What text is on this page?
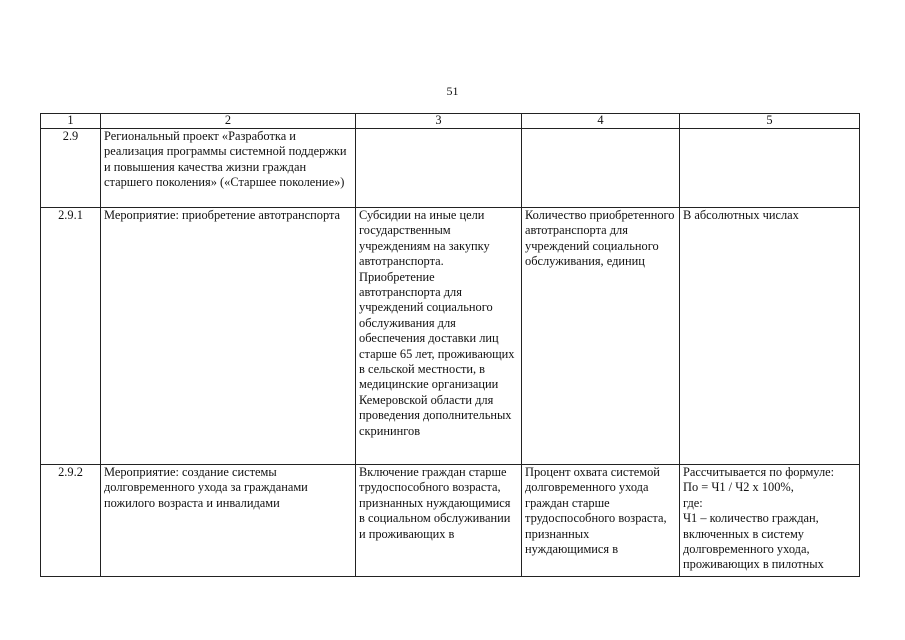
51
1	2	3	4	5
2.9	Региональный проект «Разработка и реализация программы системной поддержки и повышения качества жизни граждан старшего поколения» («Старшее поколение»)			
2.9.1	Мероприятие: приобретение автотранспорта	Субсидии на иные цели государственным учреждениям на закупку автотранспорта. Приобретение автотранспорта для учреждений социального обслуживания для обеспечения доставки лиц старше 65 лет, проживающих в сельской местности, в медицинские организации Кемеровской области для проведения дополнительных скринингов	Количество приобретенного автотранспорта для учреждений социального обслуживания, единиц	В абсолютных числах
2.9.2	Мероприятие: создание системы долговременного ухода за гражданами пожилого возраста и инвалидами	Включение граждан старше трудоспособного возраста, признанных нуждающимися в социальном обслуживании и проживающих в	Процент охвата системой долговременного ухода граждан старше трудоспособного возраста, признанных нуждающимися в	Рассчитывается по формуле:
По = Ч1 / Ч2 x 100%,
где:
Ч1 – количество граждан, включенных в систему долговременного ухода, проживающих в пилотных
